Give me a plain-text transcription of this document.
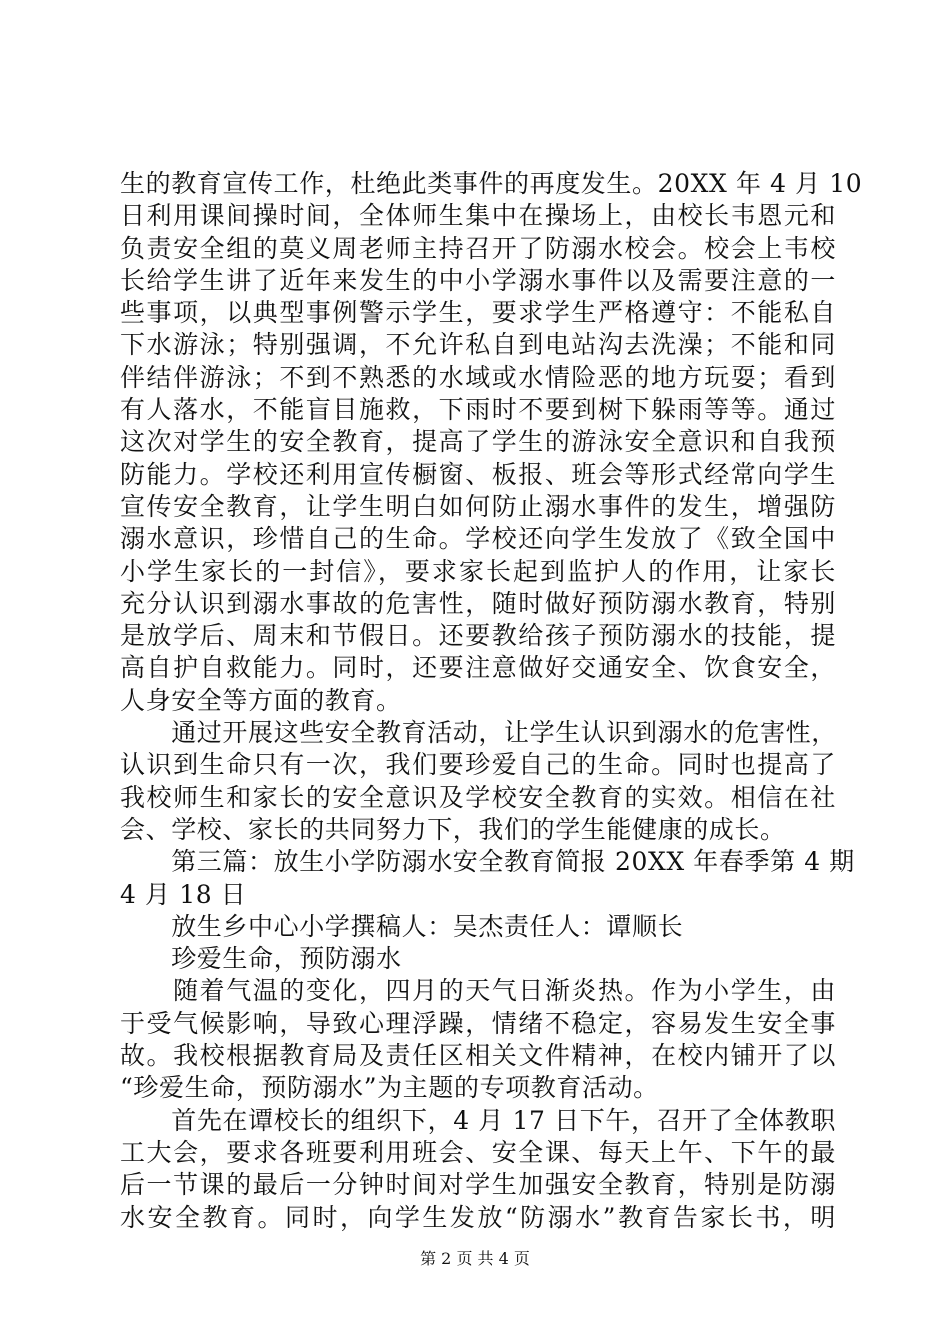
生的教育宣传工作，杜绝此类事件的再度发生。20XX 年 4 月 10
日利用课间操时间，全体师生集中在操场上，由校长韦恩元和
负责安全组的莫义周老师主持召开了防溺水校会。校会上韦校
长给学生讲了近年来发生的中小学溺水事件以及需要注意的一
些事项，以典型事例警示学生，要求学生严格遵守：不能私自
下水游泳；特别强调，不允许私自到电站沟去洗澡；不能和同
伴结伴游泳；不到不熟悉的水域或水情险恶的地方玩耍；看到
有人落水，不能盲目施救，下雨时不要到树下躲雨等等。通过
这次对学生的安全教育，提高了学生的游泳安全意识和自我预
防能力。学校还利用宣传橱窗、板报、班会等形式经常向学生
宣传安全教育，让学生明白如何防止溺水事件的发生，增强防
溺水意识，珍惜自己的生命。学校还向学生发放了《致全国中
小学生家长的一封信》，要求家长起到监护人的作用，让家长
充分认识到溺水事故的危害性，随时做好预防溺水教育，特别
是放学后、周末和节假日。还要教给孩子预防溺水的技能，提
高自护自救能力。同时，还要注意做好交通安全、饮食安全，
人身安全等方面的教育。
　　通过开展这些安全教育活动，让学生认识到溺水的危害性，
认识到生命只有一次，我们要珍爱自己的生命。同时也提高了
我校师生和家长的安全意识及学校安全教育的实效。相信在社
会、学校、家长的共同努力下，我们的学生能健康的成长。
　　第三篇：放生小学防溺水安全教育简报 20XX 年春季第 4 期
4 月 18 日
　　放生乡中心小学撰稿人：吴杰责任人：谭顺长
　　珍爱生命，预防溺水
　　随着气温的变化，四月的天气日渐炎热。作为小学生，由
于受气候影响，导致心理浮躁，情绪不稳定，容易发生安全事
故。我校根据教育局及责任区相关文件精神，在校内铺开了以
“珍爱生命，预防溺水”为主题的专项教育活动。
　　首先在谭校长的组织下，4 月 17 日下午，召开了全体教职
工大会，要求各班要利用班会、安全课、每天上午、下午的最
后一节课的最后一分钟时间对学生加强安全教育，特别是防溺
水安全教育。同时，向学生发放“防溺水”教育告家长书，明
第 2 页 共 4 页
